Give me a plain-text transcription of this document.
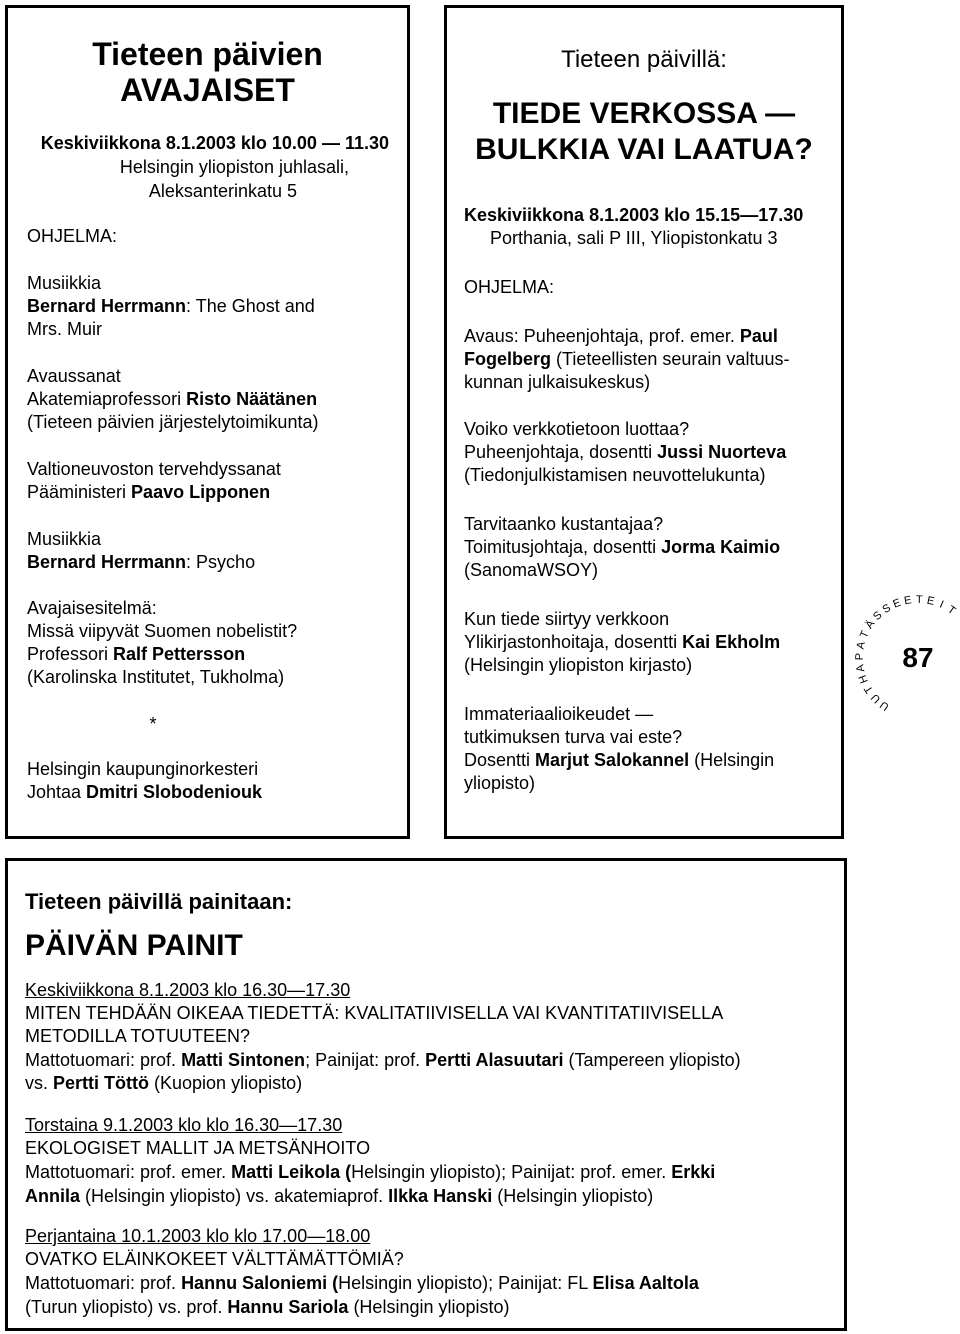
Tieteen päivien
AVAJAISET
Keskiviikkona 8.1.2003 klo 10.00 — 11.30
Helsingin yliopiston juhlasali,
Aleksanterinkatu 5
OHJELMA:
Musiikkia
Bernard Herrmann: The Ghost and
Mrs. Muir
Avaussanat
Akatemiaprofessori Risto Näätänen
(Tieteen päivien järjestelytoimikunta)
Valtioneuvoston tervehdyssanat
Pääministeri Paavo Lipponen
Musiikkia
Bernard Herrmann: Psycho
Avajaisesitelmä:
Missä viipyvät Suomen nobelistit?
Professori Ralf Pettersson
(Karolinska Institutet, Tukholma)
*
Helsingin kaupunginorkesteri
Johtaa Dmitri Slobodeniouk
Tieteen päivillä:
TIEDE VERKOSSA —
BULKKIA VAI LAATUA?
Keskiviikkona 8.1.2003 klo 15.15—17.30
Porthania, sali P III, Yliopistonkatu 3
OHJELMA:
Avaus: Puheenjohtaja, prof. emer. Paul
Fogelberg (Tieteellisten seurain valtuus-
kunnan julkaisukeskus)
Voiko verkkotietoon luottaa?
Puheenjohtaja, dosentti Jussi Nuorteva
(Tiedonjulkistamisen neuvottelukunta)
Tarvitaanko kustantajaa?
Toimitusjohtaja, dosentti Jorma Kaimio
(SanomaWSOY)
Kun tiede siirtyy verkkoon
Ylikirjastonhoitaja, dosentti Kai Ekholm
(Helsingin yliopiston kirjasto)
Immateriaalioikeudet —
tutkimuksen turva vai este?
Dosentti Marjut Salokannel (Helsingin
yliopisto)
T
I
E
T
E
E
S
S
Ä
T
A
P
A
H
T
U
U
87
Tieteen päivillä painitaan:
PÄIVÄN PAINIT
Keskiviikkona 8.1.2003 klo 16.30—17.30
MITEN TEHDÄÄN OIKEAA TIEDETTÄ: KVALITATIIVISELLA VAI KVANTITATIIVISELLA
METODILLA TOTUUTEEN?
Mattotuomari: prof. Matti Sintonen; Painijat: prof. Pertti Alasuutari (Tampereen yliopisto)
vs. Pertti Töttö (Kuopion yliopisto)
Torstaina 9.1.2003 klo klo 16.30—17.30
EKOLOGISET MALLIT JA METSÄNHOITO
Mattotuomari: prof. emer. Matti Leikola (Helsingin yliopisto); Painijat: prof. emer. Erkki
Annila (Helsingin yliopisto) vs. akatemiaprof. Ilkka Hanski (Helsingin yliopisto)
Perjantaina 10.1.2003 klo klo 17.00—18.00
OVATKO ELÄINKOKEET VÄLTTÄMÄTTÖMIÄ?
Mattotuomari: prof. Hannu Saloniemi (Helsingin yliopisto); Painijat: FL Elisa Aaltola
(Turun yliopisto) vs. prof. Hannu Sariola (Helsingin yliopisto)
